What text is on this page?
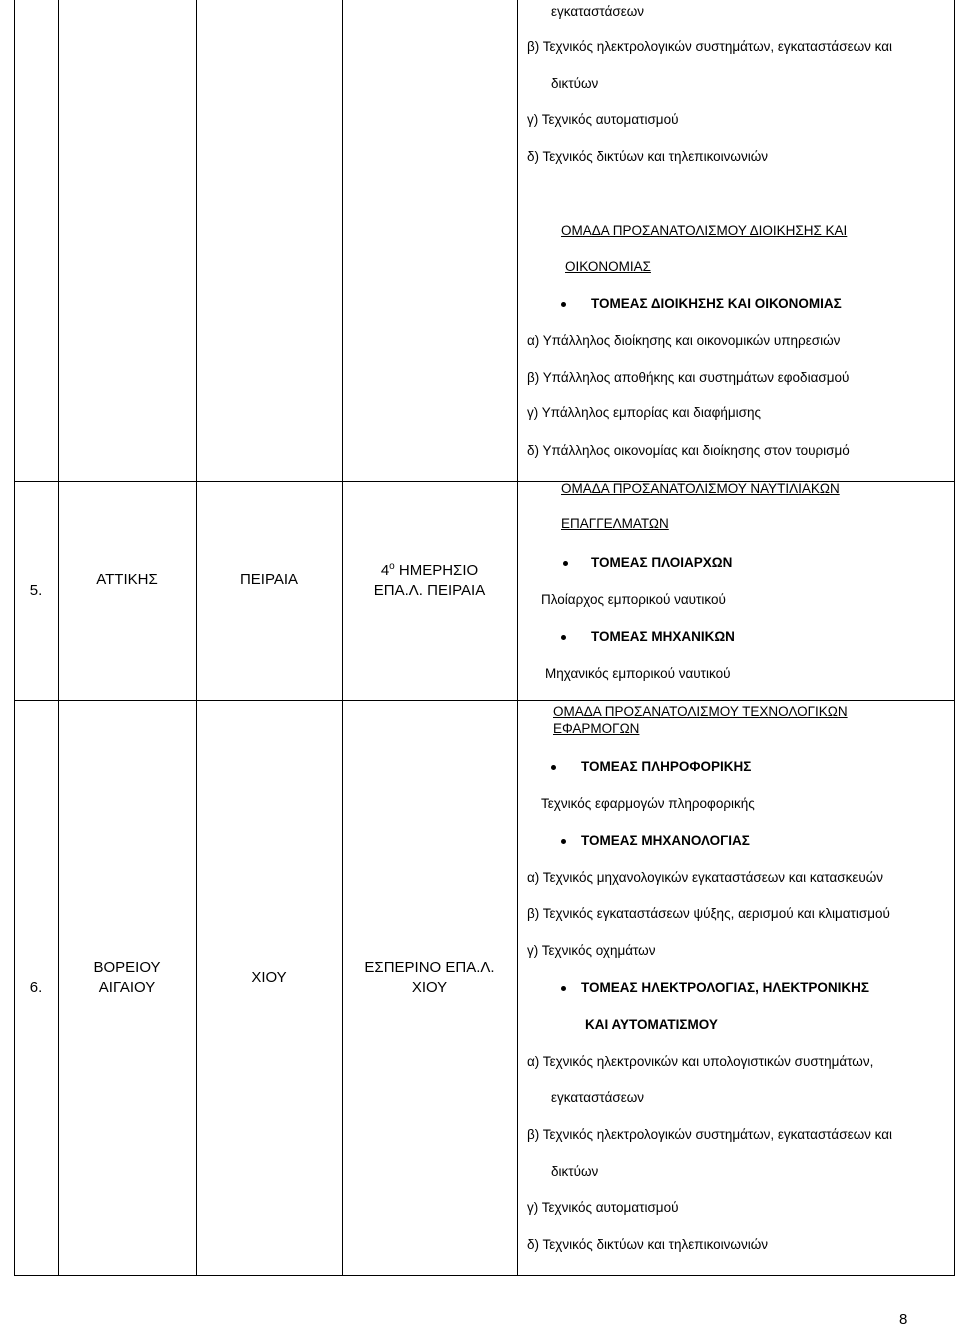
εγκαταστάσεων
β) Τεχνικός ηλεκτρολογικών συστημάτων, εγκαταστάσεων και
δικτύων
γ) Τεχνικός αυτοματισμού
δ) Τεχνικός δικτύων και τηλεπικοινωνιών
ΟΜΑΔΑ ΠΡΟΣΑΝΑΤΟΛΙΣΜΟΥ ΔΙΟΙΚΗΣΗΣ ΚΑΙ
ΟΙΚΟΝΟΜΙΑΣ
ΤΟΜΕΑΣ ΔΙΟΙΚΗΣΗΣ ΚΑΙ ΟΙΚΟΝΟΜΙΑΣ
α) Υπάλληλος διοίκησης και οικονομικών υπηρεσιών
β) Υπάλληλος αποθήκης και συστημάτων εφοδιασμού
γ) Υπάλληλος εμπορίας και διαφήμισης
δ) Υπάλληλος οικονομίας και διοίκησης στον τουρισμό
5.
ΑΤΤΙΚΗΣ	ΠΕΙΡΑΙΑ
$4^o$ ΗΜΕΡΗΣΙΟ
ΕΠΑ.Λ. ΠΕΙΡΑΙΑ
ΟΜΑΔΑ ΠΡΟΣΑΝΑΤΟΛΙΣΜΟΥ ΝΑΥΤΙΛΙΑΚΩΝ
ΕΠΑΓΓΕΛΜΑΤΩΝ
ΤΟΜΕΑΣ ΠΛΟΙΑΡΧΩΝ
Πλοίαρχος εμπορικού ναυτικού
ΤΟΜΕΑΣ ΜΗΧΑΝΙΚΩΝ
Μηχανικός εμπορικού ναυτικού
6.
ΒΟΡΕΙΟΥ
ΑΙΓΑΙΟΥ
ΧΙΟΥ
ΕΣΠΕΡΙΝΟ ΕΠΑ.Λ.
ΧΙΟΥ
ΟΜΑΔΑ ΠΡΟΣΑΝΑΤΟΛΙΣΜΟΥ ΤΕΧΝΟΛΟΓΙΚΩΝ
ΕΦΑΡΜΟΓΩΝ
ΤΟΜΕΑΣ ΠΛΗΡΟΦΟΡΙΚΗΣ
Τεχνικός εφαρμογών πληροφορικής
ΤΟΜΕΑΣ ΜΗΧΑΝΟΛΟΓΙΑΣ
α) Τεχνικός μηχανολογικών εγκαταστάσεων και κατασκευών
β) Τεχνικός εγκαταστάσεων ψύξης, αερισμού και κλιματισμού
γ) Τεχνικός οχημάτων
ΤΟΜΕΑΣ ΗΛΕΚΤΡΟΛΟΓΙΑΣ, ΗΛΕΚΤΡΟΝΙΚΗΣ
ΚΑΙ ΑΥΤΟΜΑΤΙΣΜΟΥ
α) Τεχνικός ηλεκτρονικών και υπολογιστικών συστημάτων,
εγκαταστάσεων
β) Τεχνικός ηλεκτρολογικών συστημάτων, εγκαταστάσεων και
δικτύων
γ) Τεχνικός αυτοματισμού
δ) Τεχνικός δικτύων και τηλεπικοινωνιών
8
